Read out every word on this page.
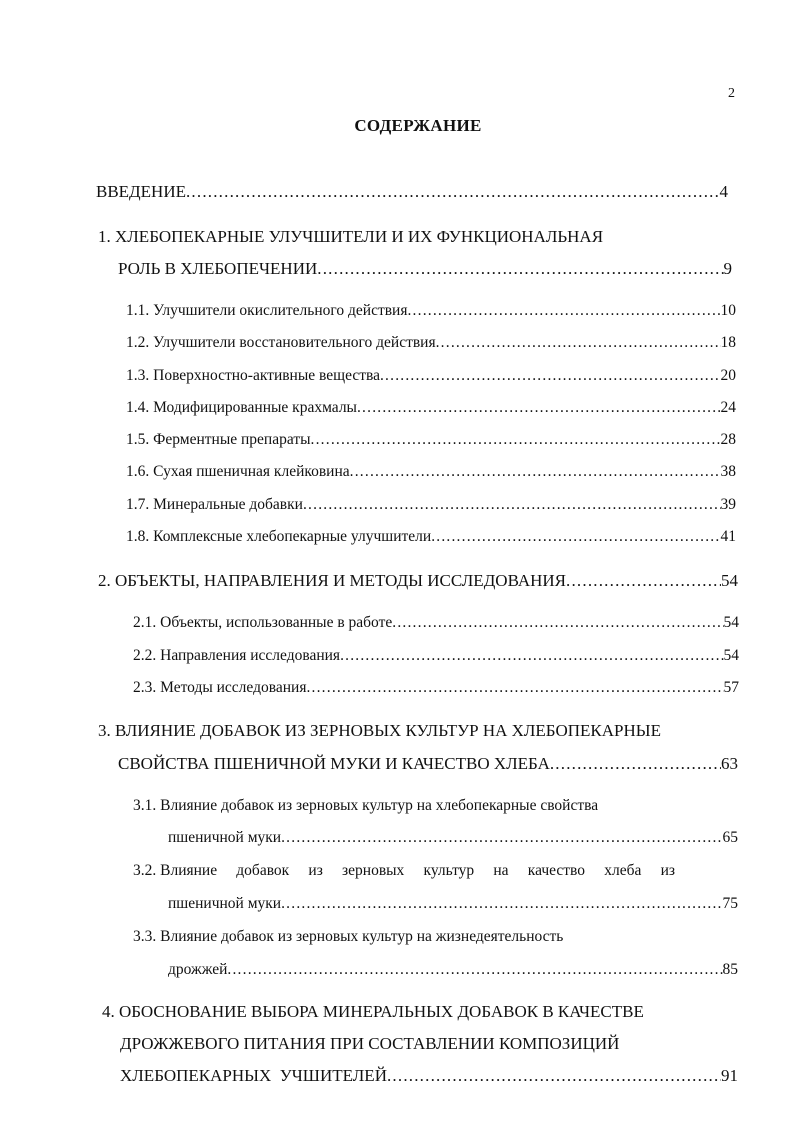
2
СОДЕРЖАНИЕ
ВВЕДЕНИЕ .....	4
1. ХЛЕБОПЕКАРНЫЕ УЛУЧШИТЕЛИ И ИХ ФУНКЦИОНАЛЬНАЯ
РОЛЬ В ХЛЕБОПЕЧЕНИИ .....	9
1.1. Улучшители окислительного действия .....	10
1.2. Улучшители восстановительного действия .....	18
1.3. Поверхностно-активные вещества .....	20
1.4. Модифицированные крахмалы .....	24
1.5. Ферментные препараты .....	28
1.6. Сухая пшеничная клейковина .....	38
1.7. Минеральные добавки .....	39
1.8. Комплексные хлебопекарные улучшители .....	41
2. ОБЪЕКТЫ, НАПРАВЛЕНИЯ И МЕТОДЫ ИССЛЕДОВАНИЯ .....	54
2.1. Объекты, использованные в работе .....	54
2.2. Направления исследования .....	54
2.3. Методы исследования .....	57
3. ВЛИЯНИЕ ДОБАВОК ИЗ ЗЕРНОВЫХ КУЛЬТУР НА ХЛЕБОПЕКАРНЫЕ
СВОЙСТВА ПШЕНИЧНОЙ МУКИ И КАЧЕСТВО ХЛЕБА .....	63
3.1. Влияние добавок из зерновых культур на хлебопекарные свойства
пшеничной муки .....	65
3.2. Влияние добавок из зерновых культур на качество хлеба из
пшеничной муки .....	75
3.3. Влияние добавок из зерновых культур на жизнедеятельность
дрожжей .....	85
4. ОБОСНОВАНИЕ ВЫБОРА МИНЕРАЛЬНЫХ ДОБАВОК В КАЧЕСТВЕ
ДРОЖЖЕВОГО ПИТАНИЯ ПРИ СОСТАВЛЕНИИ КОМПОЗИЦИЙ
ХЛЕБОПЕКАРНЫХ  УЧШИТЕЛЕЙ .....	91
